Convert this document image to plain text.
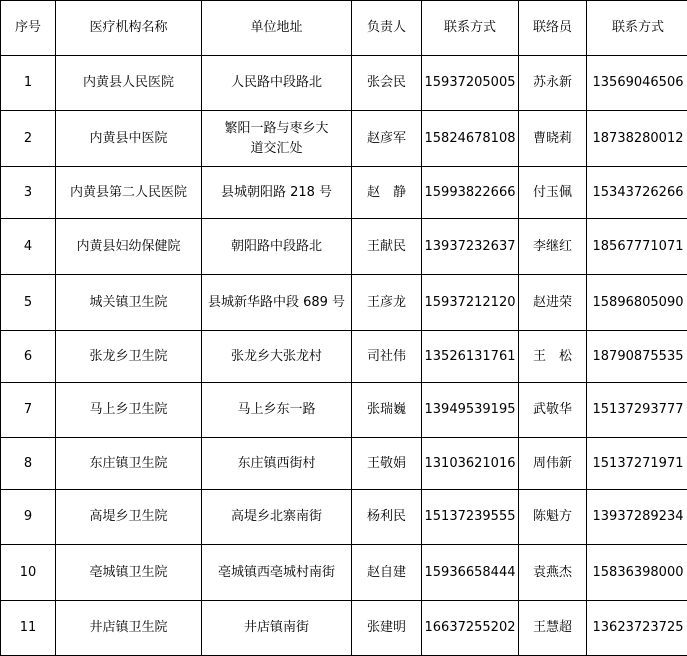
序号	医疗机构名称	单位地址	负责人	联系方式	联络员	联系方式
1	内黄县人民医院	人民路中段路北	张会民	15937205005	苏永新	13569046506
2	内黄县中医院	繁阳一路与枣乡大道交汇处	赵彦军	15824678108	曹晓莉	18738280012
3	内黄县第二人民医院	县城朝阳路 218 号	赵　静	15993822666	付玉佩	15343726266
4	内黄县妇幼保健院	朝阳路中段路北	王献民	13937232637	李继红	18567771071
5	城关镇卫生院	县城新华路中段 689 号	王彦龙	15937212120	赵进荣	15896805090
6	张龙乡卫生院	张龙乡大张龙村	司社伟	13526131761	王　松	18790875535
7	马上乡卫生院	马上乡东一路	张瑞巍	13949539195	武敬华	15137293777
8	东庄镇卫生院	东庄镇西街村	王敬娟	13103621016	周伟新	15137271971
9	高堤乡卫生院	高堤乡北寨南街	杨利民	15137239555	陈魁方	13937289234
10	亳城镇卫生院	亳城镇西亳城村南街	赵自建	15936658444	袁燕杰	15836398000
11	井店镇卫生院	井店镇南街	张建明	16637255202	王慧超	13623723725
